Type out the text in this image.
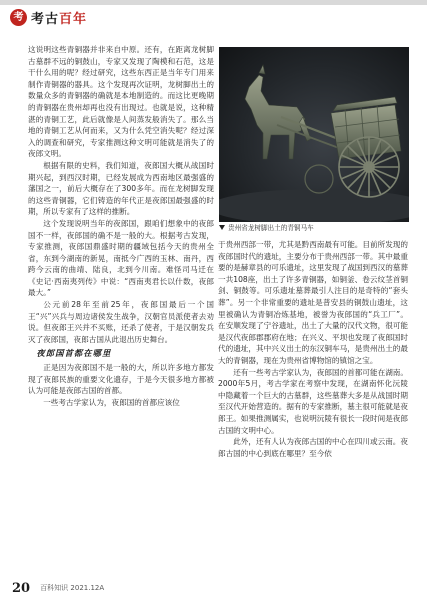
考 考古百年

这说明这些青铜器并非来自中原。还有，在距离龙树脚古墓群不远的铜鼓山，专家又发现了陶模和石范，这是干什么用的呢？经过研究，这些东西正是当年专门用来制作青铜器的器具。这个发现再次证明，龙树脚出土的数量众多的青铜器的确就是本地制造的。而这比更晚期的青铜器在贵州却再也没有出现过。也就是说，这种精湛的青铜工艺，此后就像是人间蒸发般消失了。那么当地的青铜工艺从何而来，又为什么凭空消失呢？经过深入的调查和研究，专家推测这种文明可能就是消失了的夜郎文明。

根据有限的史料，我们知道，夜郎国大概从战国时期兴起，到西汉时期，已经发展成为西南地区最强盛的藩国之一，前后大概存在了300多年。而在龙树脚发现的这些青铜器，它们铸造的年代正是夜郎国最强盛的时期，所以专家有了这样的推断。

这个发现说明当年的夜郎国，跟咱们想象中的夜郎国不一样，夜郎国的确不是一般的大。根据考古发现，专家推测，夜郎国鼎盛时期的疆域包括今天的贵州全省，东到今湖南的新晃，南抵今广西的玉林、南丹，西跨今云南的曲靖、陆良，北到今川南。难怪司马迁在《史记·西南夷列传》中说：“西南夷君长以什数，夜郎最大。”

公元前28年至前25年，夜郎国最后一个国王“兴”兴兵与周边诸侯发生战争，汉朝官员派使者去劝说。但夜郎王兴并不买账，还杀了使者，于是汉朝发兵灭了夜郎国，夜郎古国从此退出历史舞台。

夜郎国首都在哪里

正是因为夜郎国不是一般的大，所以许多地方都发现了夜郎民族的重要文化遗存，于是今天很多地方都被认为可能是夜郎古国的首都。

一些考古学家认为，夜郎国的首都应该位

贵州省龙树脚出土的青铜马车

于贵州西部一带，尤其是黔西南最有可能。目前所发现的夜郎国时代的遗址，主要分布于贵州西部一带。其中最重要的是赫章县的可乐遗址，这里发现了战国到西汉的墓葬一共108座，出土了许多青铜器，如铜釜、卷云纹茎首铜剑、铜鼓等。可乐遗址墓葬最引人注目的是奇特的“套头葬”。另一个非常重要的遗址是普安县的铜鼓山遗址，这里被确认为青铜冶炼基地，被誉为夜郎国的“兵工厂”。在安顺发现了宁谷遗址，出土了大量的汉代文物，很可能是汉代夜郎郡郡府在地；在兴义、平坝也发现了夜郎国时代的遗址，其中兴义出土的东汉铜车马，是贵州出土的最大的青铜器，现在为贵州省博物馆的镇馆之宝。

还有一些考古学家认为，夜郎国的首都可能在湖南。2000年5月，考古学家在考察中发现，在湖南怀化沅陵中隐藏着一个巨大的古墓群，这些墓葬大多是从战国时期至汉代开始营造的。据有的专家推断，墓主很可能就是夜郎王。如果推测属实，也说明沅陵有很长一段时间是夜郎古国的文明中心。

此外，还有人认为夜郎古国的中心在四川或云南。夜郎古国的中心到底在哪里？至今依

20 百科知识 2021.12A
